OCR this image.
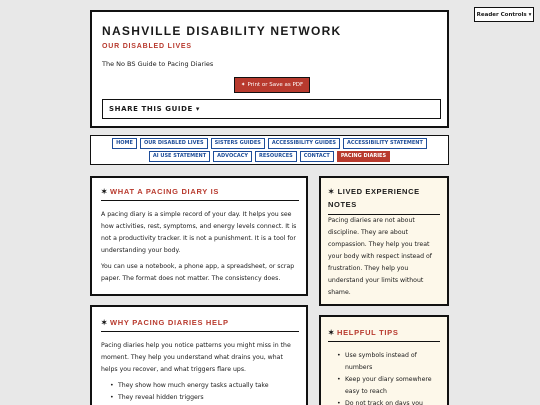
Reader Controls ▾
NASHVILLE DISABILITY NETWORK
OUR DISABLED LIVES
The No BS Guide to Pacing Diaries
✦ Print or Save as PDF
SHARE THIS GUIDE ▾
HOME	OUR DISABLED LIVES	SISTERS GUIDES	ACCESSIBILITY GUIDES	ACCESSIBILITY STATEMENT
AI USE STATEMENT	ADVOCACY	RESOURCES	CONTACT	PACING DIARIES
✶ WHAT A PACING DIARY IS
A pacing diary is a simple record of your day. It helps you see how activities, rest, symptoms, and energy levels connect. It is not a productivity tracker. It is not a punishment. It is a tool for understanding your body.
You can use a notebook, a phone app, a spreadsheet, or scrap paper. The format does not matter. The consistency does.
✶ WHY PACING DIARIES HELP
Pacing diaries help you notice patterns you might miss in the moment. They help you understand what drains you, what helps you recover, and what triggers flare ups.
• They show how much energy tasks actually take
• They reveal hidden triggers
✶ LIVED EXPERIENCE NOTES
Pacing diaries are not about discipline. They are about compassion. They help you treat your body with respect instead of frustration. They help you understand your limits without shame.
✶ HELPFUL TIPS
• Use symbols instead of numbers
• Keep your diary somewhere easy to reach
• Do not track on days you
